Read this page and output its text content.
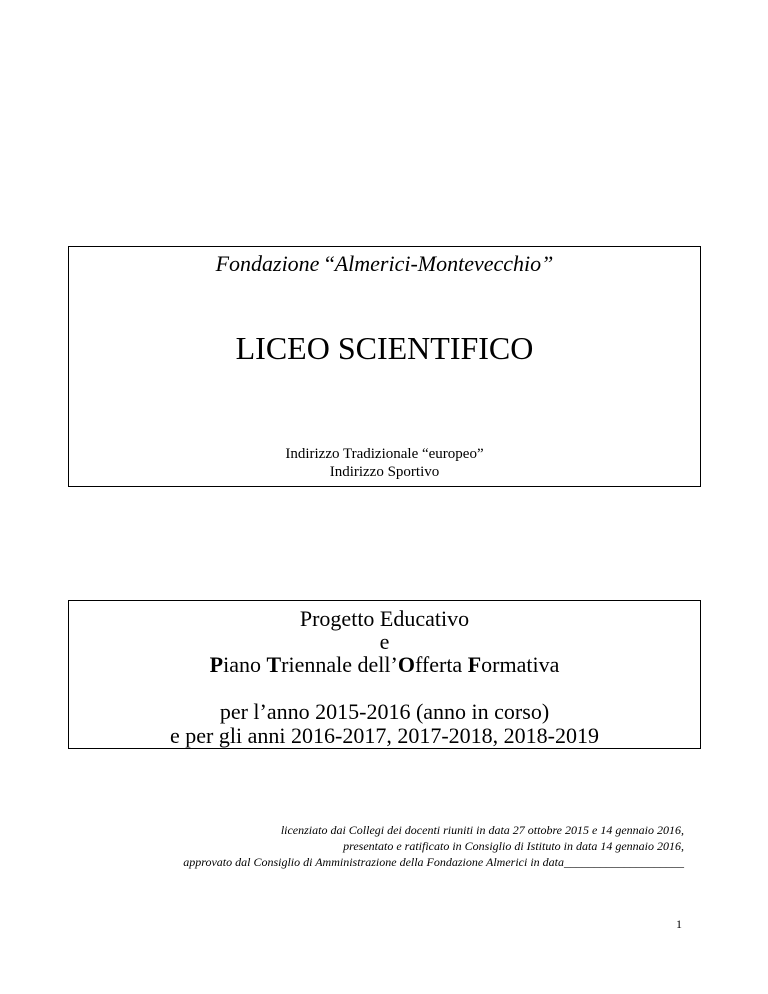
Fondazione “Almerici-Montevecchio”
LICEO SCIENTIFICO
Indirizzo Tradizionale “europeo”
Indirizzo Sportivo
Progetto Educativo
e
Piano Triennale dell’Offerta Formativa
per l’anno 2015-2016 (anno in corso)
e per gli anni 2016-2017, 2017-2018, 2018-2019
licenziato dai Collegi dei docenti riuniti in data 27 ottobre 2015 e 14 gennaio 2016,
presentato e ratificato in Consiglio di Istituto in data 14 gennaio 2016,
approvato dal Consiglio di Amministrazione della Fondazione Almerici in data____________________
1
